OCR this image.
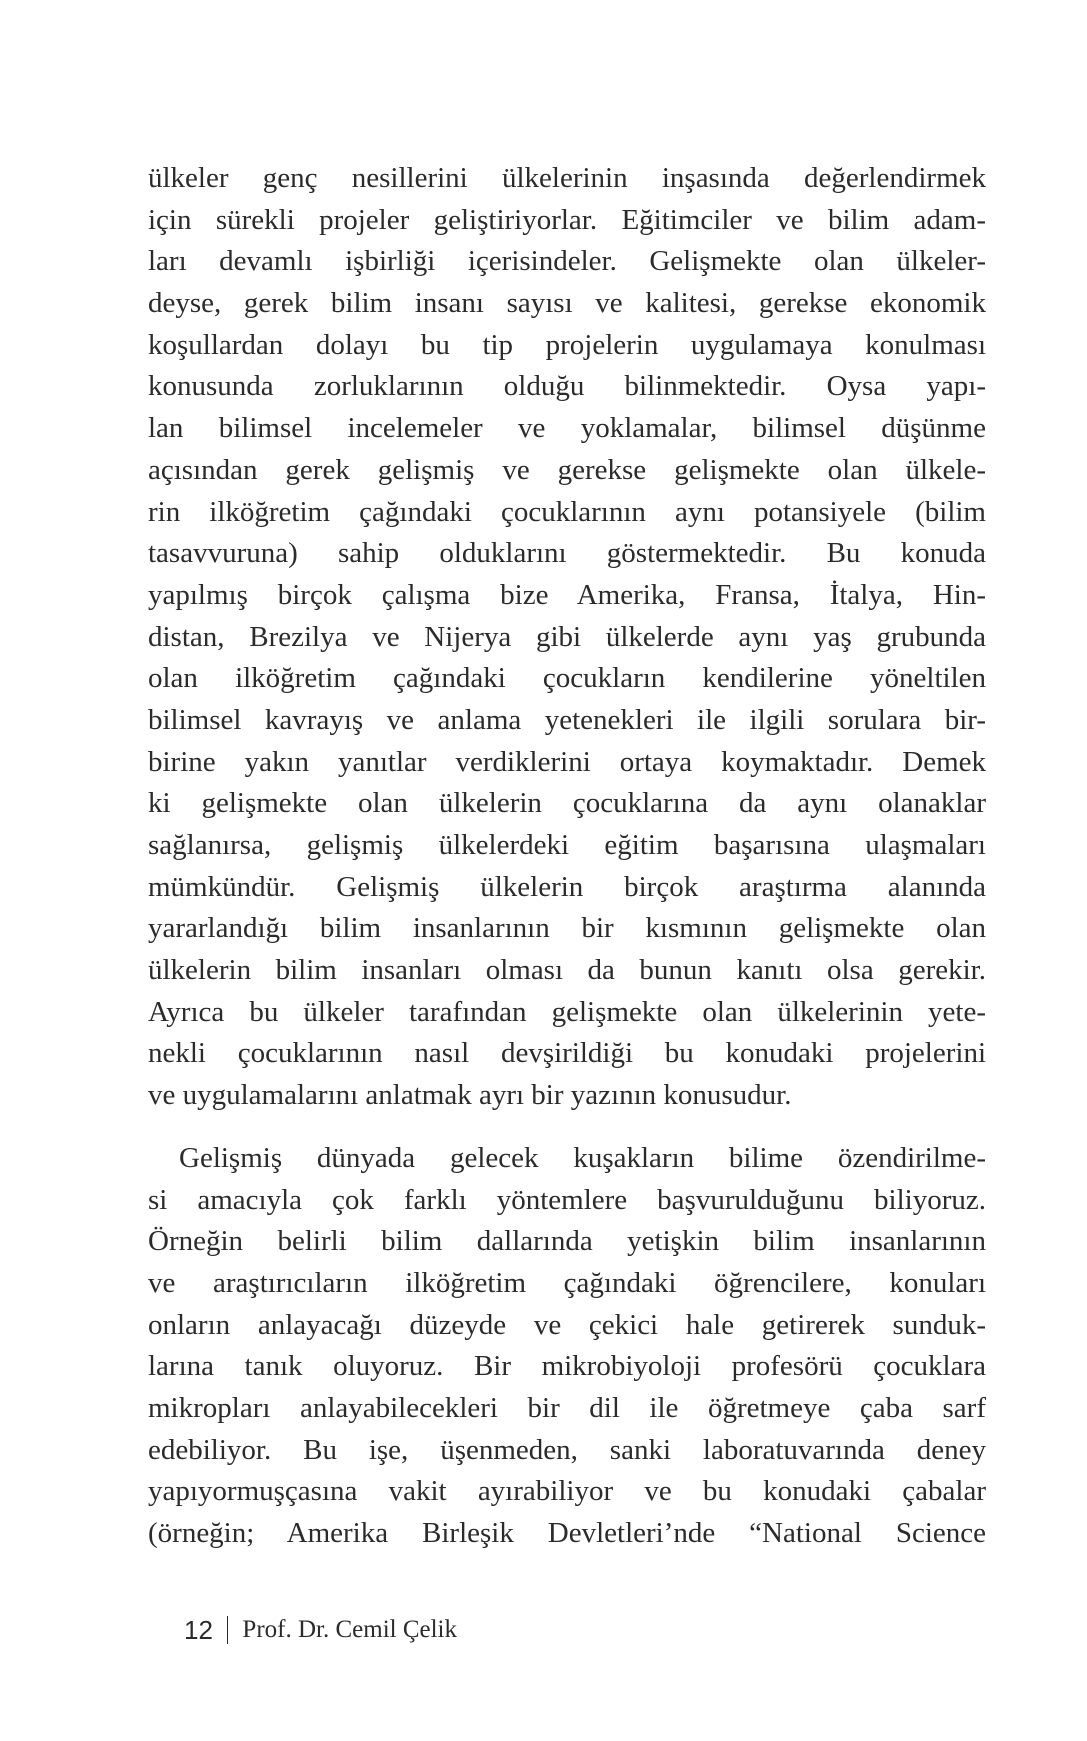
ülkeler genç nesillerini ülkelerinin inşasında değerlendirmek
için sürekli projeler geliştiriyorlar. Eğitimciler ve bilim adam-
ları devamlı işbirliği içerisindeler. Gelişmekte olan ülkeler-
deyse, gerek bilim insanı sayısı ve kalitesi, gerekse ekonomik
koşullardan dolayı bu tip projelerin uygulamaya konulması
konusunda zorluklarının olduğu bilinmektedir. Oysa yapı-
lan bilimsel incelemeler ve yoklamalar, bilimsel düşünme
açısından gerek gelişmiş ve gerekse gelişmekte olan ülkele-
rin ilköğretim çağındaki çocuklarının aynı potansiyele (bilim
tasavvuruna) sahip olduklarını göstermektedir. Bu konuda
yapılmış birçok çalışma bize Amerika, Fransa, İtalya, Hin-
distan, Brezilya ve Nijerya gibi ülkelerde aynı yaş grubunda
olan ilköğretim çağındaki çocukların kendilerine yöneltilen
bilimsel kavrayış ve anlama yetenekleri ile ilgili sorulara bir-
birine yakın yanıtlar verdiklerini ortaya koymaktadır. Demek
ki gelişmekte olan ülkelerin çocuklarına da aynı olanaklar
sağlanırsa, gelişmiş ülkelerdeki eğitim başarısına ulaşmaları
mümkündür. Gelişmiş ülkelerin birçok araştırma alanında
yararlandığı bilim insanlarının bir kısmının gelişmekte olan
ülkelerin bilim insanları olması da bunun kanıtı olsa gerekir.
Ayrıca bu ülkeler tarafından gelişmekte olan ülkelerinin yete-
nekli çocuklarının nasıl devşirildiği bu konudaki projelerini
ve uygulamalarını anlatmak ayrı bir yazının konusudur.
Gelişmiş dünyada gelecek kuşakların bilime özendirilme-
si amacıyla çok farklı yöntemlere başvurulduğunu biliyoruz.
Örneğin belirli bilim dallarında yetişkin bilim insanlarının
ve araştırıcıların ilköğretim çağındaki öğrencilere, konuları
onların anlayacağı düzeyde ve çekici hale getirerek sunduk-
larına tanık oluyoruz. Bir mikrobiyoloji profesörü çocuklara
mikropları anlayabilecekleri bir dil ile öğretmeye çaba sarf
edebiliyor. Bu işe, üşenmeden, sanki laboratuvarında deney
yapıyormuşçasına vakit ayırabiliyor ve bu konudaki çabalar
(örneğin; Amerika Birleşik Devletleri’nde “National Science
12 Prof. Dr. Cemil Çelik
